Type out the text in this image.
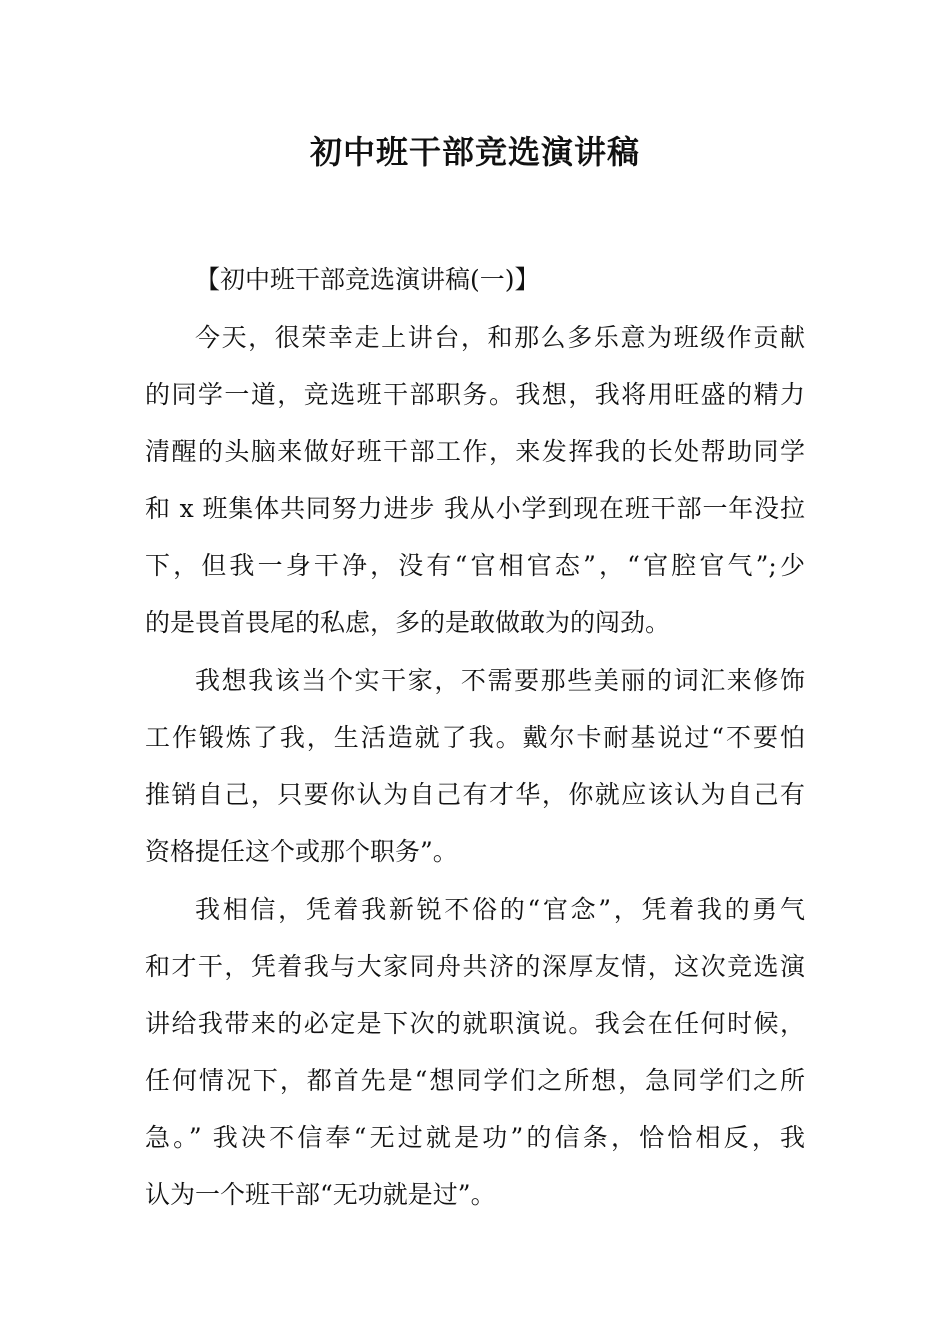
初中班干部竞选演讲稿
【初中班干部竞选演讲稿(一)】
今天，很荣幸走上讲台，和那么多乐意为班级作贡献
的同学一道，竞选班干部职务。我想，我将用旺盛的精力
清醒的头脑来做好班干部工作，来发挥我的长处帮助同学
和 x 班集体共同努力进步 我从小学到现在班干部一年没拉
下，但我一身干净，没有“官相官态”，“官腔官气”;少
的是畏首畏尾的私虑，多的是敢做敢为的闯劲。
我想我该当个实干家，不需要那些美丽的词汇来修饰
工作锻炼了我，生活造就了我。戴尔卡耐基说过“不要怕
推销自己，只要你认为自己有才华，你就应该认为自己有
资格提任这个或那个职务”。
我相信，凭着我新锐不俗的“官念”，凭着我的勇气
和才干，凭着我与大家同舟共济的深厚友情，这次竞选演
讲给我带来的必定是下次的就职演说。我会在任何时候，
任何情况下，都首先是“想同学们之所想，急同学们之所
急。” 我决不信奉“无过就是功”的信条，恰恰相反，我
认为一个班干部“无功就是过”。
